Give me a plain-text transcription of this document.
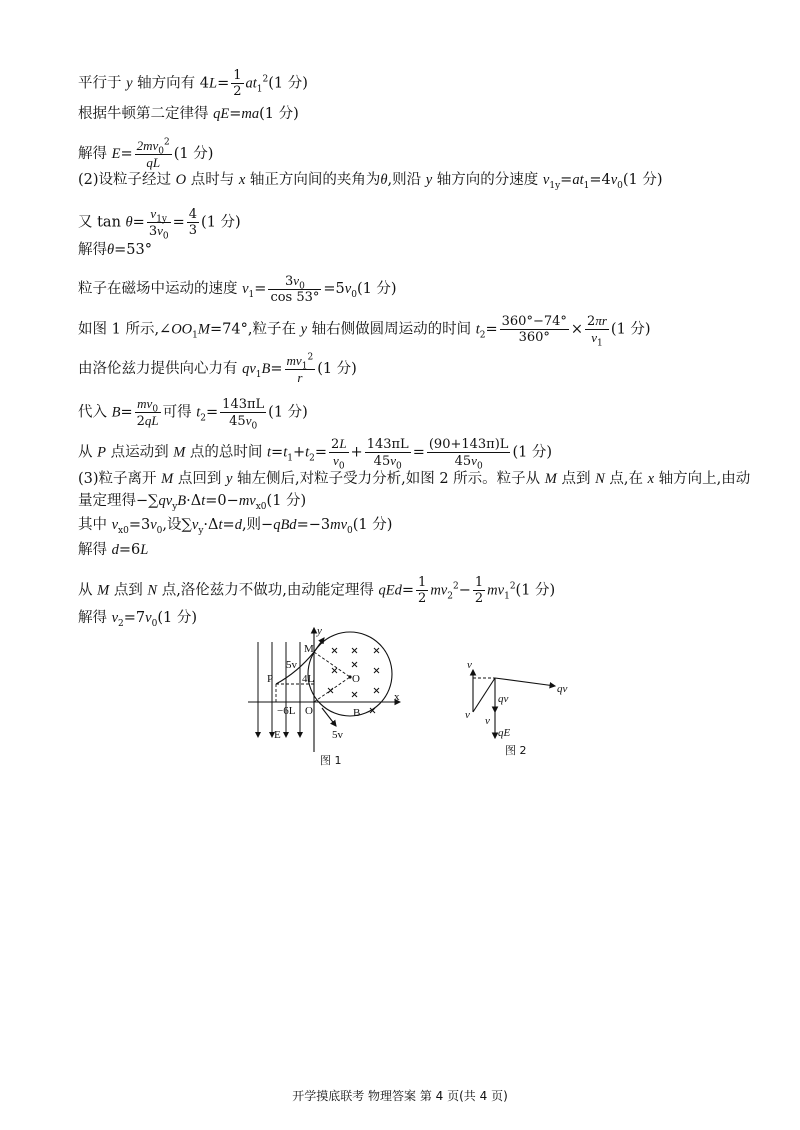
平行于 y 轴方向有 $4L= \frac{1}{2} at_1^2(1$ 分)
根据牛顿第二定律得 qE=ma(1 分)
解得 $E= \frac{2mv_0^2}{qL} (1$ 分)
(2)设粒子经过 O 点时与 x 轴正方向间的夹角为θ,则沿 y 轴方向的分速度 $v_{1y}=at_1=4v_0(1$ 分)
又 $\tan \theta= \frac{v_{1y}}{3v_0} = \frac{4}{3} (1$ 分)
解得θ=53°
粒子在磁场中运动的速度 $v_1= \frac{3v_0}{\cos 53^\circ} =5v_0(1$ 分)
如图 1 所示$,\angle OO_1M=74^\circ$,粒子在 y 轴右侧做圆周运动的时间 $t_2= \frac{360^\circ-74^\circ}{360^\circ} \times \frac{2\pi r}{v_1} (1$ 分)
由洛伦兹力提供向心力有 $qv_1B= \frac{mv_1^2}{r} (1$ 分)
代入 $B= \frac{mv_0}{2qL}$ 可得 $t_2= \frac{143\pi L}{45v_0} (1$ 分)
从 P 点运动到 M 点的总时间 $t=t_1+t_2= \frac{2L}{v_0} + \frac{143\pi L}{45v_0} = \frac{(90+143\pi)L}{45v_0} (1$ 分)
(3)粒子离开 M 点回到 y 轴左侧后,对粒子受力分析,如图 2 所示。粒子从 M 点到 N 点,在 x 轴方向上,由动
量定理得$-\sum qv_yB\cdot\Delta t=0-mv_{x0}(1$ 分)
其中 $v_{x0}=3v_0$,设$\sum v_y\cdot\Delta t=d$,则$-qBd=-3mv_0(1$ 分)
解得 d=6L
从 M 点到 N 点,洛伦兹力不做功,由动能定理得 $qEd= \frac{1}{2} mv_2^2- \frac{1}{2} mv_1^2(1$ 分)
解得 $v_2=7v_0(1$ 分)
y
x
M
P
O
O
B
E
4L
−6L
5v
5v
图 1
v
qv
qv
v v
qE
图 2
开学摸底联考 物理答案 第 4 页(共 4 页)
